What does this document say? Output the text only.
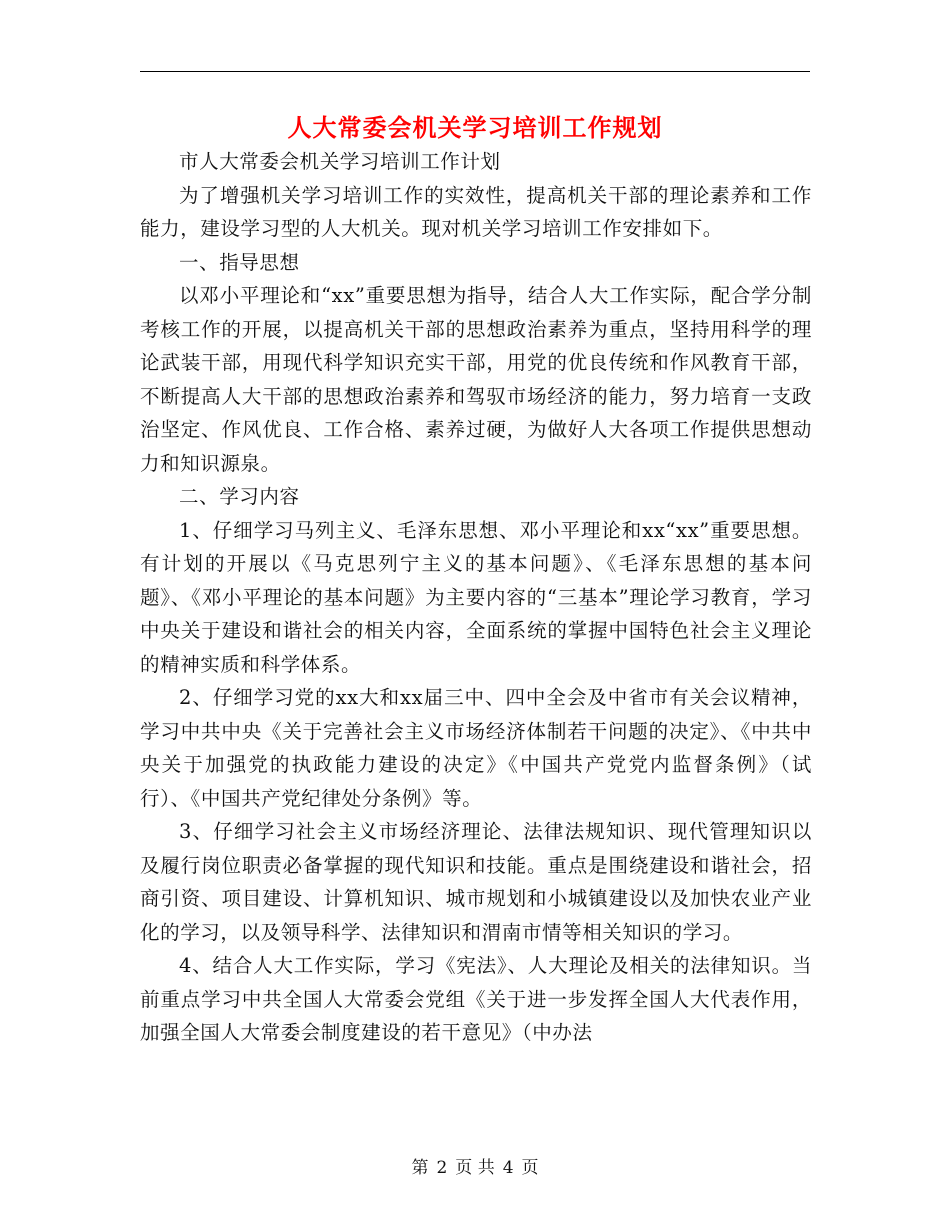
人大常委会机关学习培训工作规划

市人大常委会机关学习培训工作计划

为了增强机关学习培训工作的实效性，提高机关干部的理论素养和工作能力，建设学习型的人大机关。现对机关学习培训工作安排如下。

一、指导思想

以邓小平理论和“xx”重要思想为指导，结合人大工作实际，配合学分制考核工作的开展，以提高机关干部的思想政治素养为重点，坚持用科学的理论武装干部，用现代科学知识充实干部，用党的优良传统和作风教育干部，不断提高人大干部的思想政治素养和驾驭市场经济的能力，努力培育一支政治坚定、作风优良、工作合格、素养过硬，为做好人大各项工作提供思想动力和知识源泉。

二、学习内容

1、仔细学习马列主义、毛泽东思想、邓小平理论和xx“xx”重要思想。有计划的开展以《马克思列宁主义的基本问题》、《毛泽东思想的基本问题》、《邓小平理论的基本问题》为主要内容的“三基本”理论学习教育，学习中央关于建设和谐社会的相关内容，全面系统的掌握中国特色社会主义理论的精神实质和科学体系。

2、仔细学习党的xx大和xx届三中、四中全会及中省市有关会议精神，学习中共中央《关于完善社会主义市场经济体制若干问题的决定》、《中共中央关于加强党的执政能力建设的决定》《中国共产党党内监督条例》（试行）、《中国共产党纪律处分条例》等。

3、仔细学习社会主义市场经济理论、法律法规知识、现代管理知识以及履行岗位职责必备掌握的现代知识和技能。重点是围绕建设和谐社会，招商引资、项目建设、计算机知识、城市规划和小城镇建设以及加快农业产业化的学习，以及领导科学、法律知识和渭南市情等相关知识的学习。

4、结合人大工作实际，学习《宪法》、人大理论及相关的法律知识。当前重点学习中共全国人大常委会党组《关于进一步发挥全国人大代表作用，加强全国人大常委会制度建设的若干意见》（中办法

第 2 页 共 4 页
